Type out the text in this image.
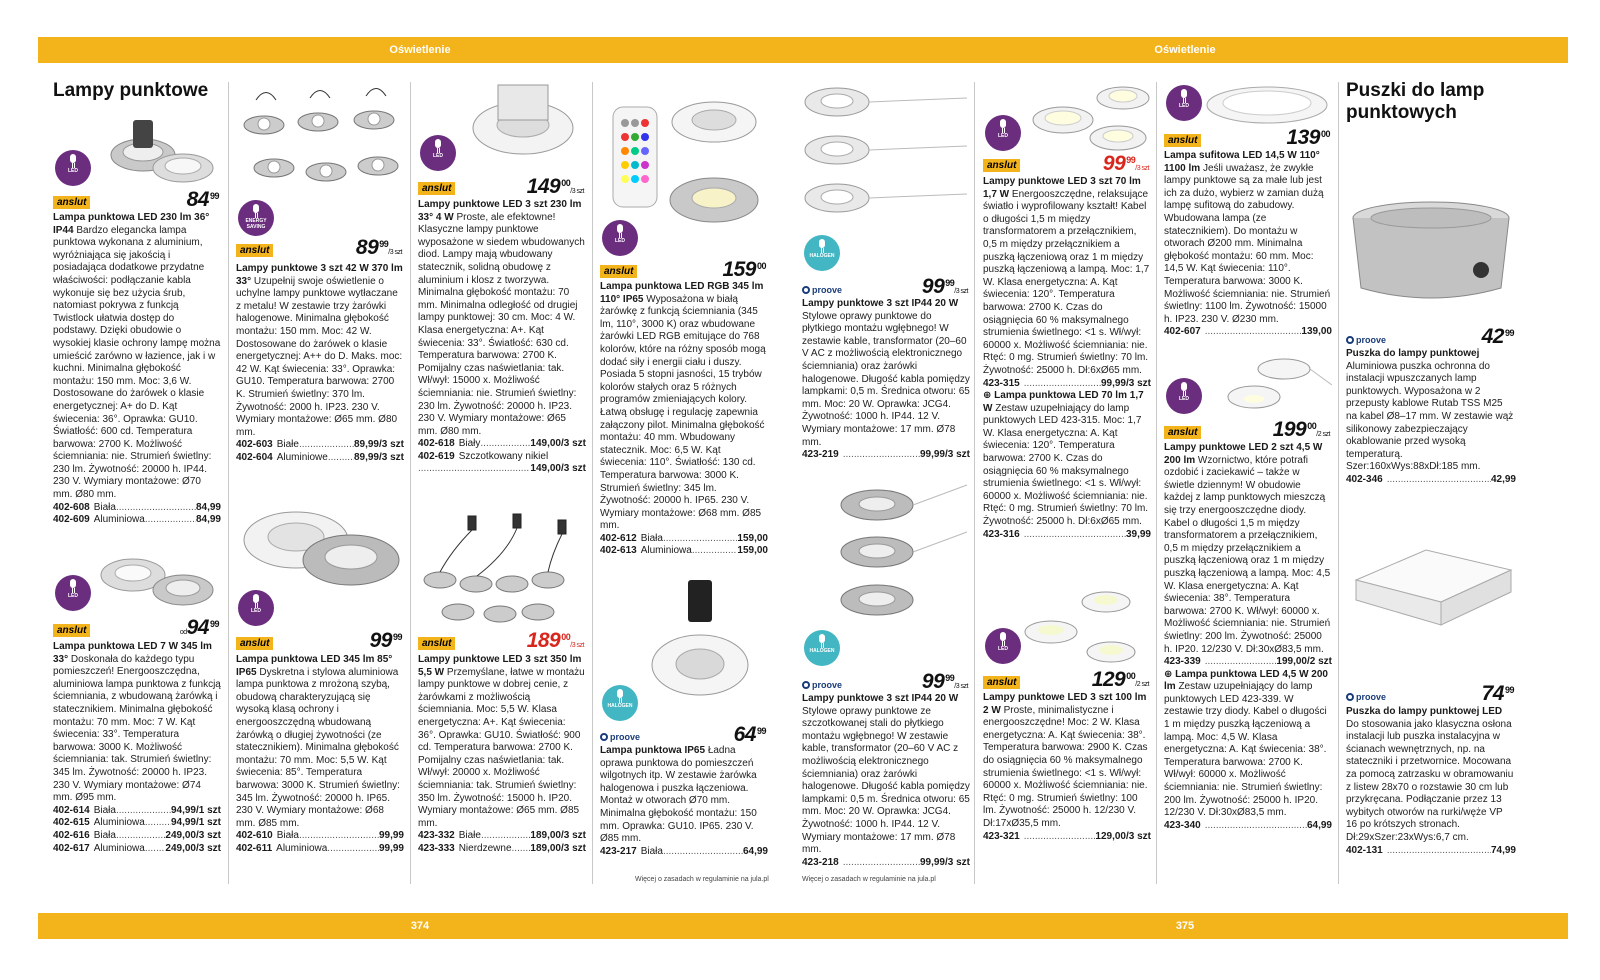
Oświetlenie	Oświetlenie
374	375
Lampy punktowe
LED
anslut	$84^{99}$
Lampa punktowa LED 230 lm 36° IP44 Bardzo elegancka lampa punktowa wykonana z aluminium, wyróżniająca się jakością i posiadająca dodatkowe przydatne właściwości: podłączanie kabla wykonuje się bez użycia śrub, natomiast pokrywa z funkcją Twistlock ułatwia dostęp do podstawy. Dzięki obudowie o wysokiej klasie ochrony lampę można umieścić zarówno w łazience, jak i w kuchni. Minimalna głębokość montażu: 150 mm. Moc: 3,6 W. Dostosowane do żarówek o klasie energetycznej: A+ do D. Kąt świecenia: 36°. Oprawka: GU10. Światłość: 600 cd. Temperatura barwowa: 2700 K. Możliwość ściemniania: nie. Strumień świetlny: 230 lm. Żywotność: 20000 h. IP44. 230 V. Wymiary montażowe: Ø70 mm. Ø80 mm.
402-608 Biała .....	84,99
402-609 Aluminiowa .....	84,99
LED
anslut	$od94^{99}$
Lampa punktowa LED 7 W 345 lm 33° Doskonała do każdego typu pomieszczeń! Energooszczędna, aluminiowa lampa punktowa z funkcją ściemniania, z wbudowaną żarówką i statecznikiem. Minimalna głębokość montażu: 70 mm. Moc: 7 W. Kąt świecenia: 33°. Temperatura barwowa: 3000 K. Możliwość ściemniania: tak. Strumień świetlny: 345 lm. Żywotność: 20000 h. IP23. 230 V. Wymiary montażowe: Ø74 mm. Ø95 mm.
402-614 Biała .....	94,99/1 szt
402-615 Aluminiowa .....	94,99/1 szt
402-616 Biała .....	249,00/3 szt
402-617 Aluminiowa ..... 249,00/3 szt
ENERGY SAVING
anslut	$89^{99}/3$ szt
Lampy punktowe 3 szt 42 W 370 lm 33° Uzupełnij swoje oświetlenie o uchylne lampy punktowe wytłaczane z metalu! W zestawie trzy żarówki halogenowe. Minimalna głębokość montażu: 150 mm. Moc: 42 W. Dostosowane do żarówek o klasie energetycznej: A++ do D. Maks. moc: 42 W. Kąt świecenia: 33°. Oprawka: GU10. Temperatura barwowa: 2700 K. Strumień świetlny: 370 lm. Żywotność: 2000 h. IP23. 230 V. Wymiary montażowe: Ø65 mm. Ø80 mm.
402-603 Białe .....	89,99/3 szt
402-604 Aluminiowe .....	89,99/3 szt
LED
anslut	$99^{99}$
Lampa punktowa LED 345 lm 85° IP65 Dyskretna i stylowa aluminiowa lampa punktowa z mrożoną szybą, obudową charakteryzującą się wysoką klasą ochrony i energooszczędną wbudowaną żarówką o długiej żywotności (ze statecznikiem). Minimalna głębokość montażu: 70 mm. Moc: 5,5 W. Kąt świecenia: 85°. Temperatura barwowa: 3000 K. Strumień świetlny: 345 lm. Żywotność: 20000 h. IP65. 230 V. Wymiary montażowe: Ø68 mm. Ø85 mm.
402-610 Biała .....	99,99
402-611 Aluminiowa .....	99,99
LED
anslut	$149^{00}/3$ szt
Lampy punktowe LED 3 szt 230 lm 33° 4 W Proste, ale efektowne! Klasyczne lampy punktowe wyposażone w siedem wbudowanych diod. Lampy mają wbudowany statecznik, solidną obudowę z aluminium i klosz z tworzywa. Minimalna głębokość montażu: 70 mm. Minimalna odległość od drugiej lampy punktowej: 30 cm. Moc: 4 W. Klasa energetyczna: A+. Kąt świecenia: 33°. Światłość: 630 cd. Temperatura barwowa: 2700 K. Pomijalny czas naświetlania: tak. Wł/wył: 15000 x. Możliwość ściemniania: nie. Strumień świetlny: 230 lm. Żywotność: 20000 h. IP23. 230 V. Wymiary montażowe: Ø65 mm. Ø80 mm.
402-618 Biały .....	149,00/3 szt
402-619 Szczotkowany nikiel
.....
149,00/3 szt
anslut	$189^{00}/3$ szt
Lampy punktowe LED 3 szt 350 lm 5,5 W Przemyślane, łatwe w montażu lampy punktowe w dobrej cenie, z żarówkami z możliwością ściemniania. Moc: 5,5 W. Klasa energetyczna: A+. Kąt świecenia: 36°. Oprawka: GU10. Światłość: 900 cd. Temperatura barwowa: 2700 K. Pomijalny czas naświetlania: tak. Wł/wył: 20000 x. Możliwość ściemniania: tak. Strumień świetlny: 350 lm. Żywotność: 15000 h. IP20. Wymiary montażowe: Ø65 mm. Ø85 mm.
423-332 Białe .....	189,00/3 szt
423-333 Nierdzewne ..... 189,00/3 szt
LED
anslut	$159^{00}$
Lampa punktowa LED RGB 345 lm 110° IP65 Wyposażona w białą żarówkę z funkcją ściemniania (345 lm, 110°, 3000 K) oraz wbudowane żarówki LED RGB emitujące do 768 kolorów, które na różny sposób mogą dodać siły i energii ciału i duszy. Posiada 5 stopni jasności, 15 trybów kolorów stałych oraz 5 różnych programów zmieniających kolory. Łatwą obsługę i regulację zapewnia załączony pilot. Minimalna głębokość montażu: 40 mm. Wbudowany statecznik. Moc: 6,5 W. Kąt świecenia: 110°. Światłość: 130 cd. Temperatura barwowa: 3000 K. Strumień świetlny: 345 lm. Żywotność: 20000 h. IP65. 230 V. Wymiary montażowe: Ø68 mm. Ø85 mm.
402-612 Biała .....	159,00
402-613 Aluminiowa .....	159,00
HALOGEN
proove	$64^{99}$
Lampa punktowa IP65 Ładna oprawa punktowa do pomieszczeń wilgotnych itp. W zestawie żarówka halogenowa i puszka łączeniowa. Montaż w otworach Ø70 mm. Minimalna głębokość montażu: 150 mm. Oprawka: GU10. IP65. 230 V. Ø85 mm.
423-217 Biała .....	64,99
Więcej o zasadach w regulaminie na jula.pl
HALOGEN
proove	$99^{99}/3$ szt
Lampy punktowe 3 szt IP44 20 W Stylowe oprawy punktowe do płytkiego montażu wgłębnego! W zestawie kable, transformator (20–60 V AC z możliwością elektronicznego ściemniania) oraz żarówki halogenowe. Długość kabla pomiędzy lampkami: 0,5 m. Średnica otworu: 65 mm. Moc: 20 W. Oprawka: JCG4. Żywotność: 1000 h. IP44. 12 V. Wymiary montażowe: 17 mm. Ø78 mm.
423-219 .....	99,99/3 szt
HALOGEN
proove	$99^{99}/3$ szt
Lampy punktowe 3 szt IP44 20 W Stylowe oprawy punktowe ze szczotkowanej stali do płytkiego montażu wgłębnego! W zestawie kable, transformator (20–60 V AC z możliwością elektronicznego ściemniania) oraz żarówki halogenowe. Długość kabla pomiędzy lampkami: 0,5 m. Średnica otworu: 65 mm. Moc: 20 W. Oprawka: JCG4. Żywotność: 1000 h. IP44. 12 V. Wymiary montażowe: 17 mm. Ø78 mm.
423-218 .....	99,99/3 szt
Więcej o zasadach w regulaminie na jula.pl
LED
anslut	$99^{99}/3$ szt
Lampy punktowe LED 3 szt 70 lm 1,7 W Energooszczędne, relaksujące światło i wyprofilowany kształt! Kabel o długości 1,5 m między transformatorem a przełącznikiem, 0,5 m między przełącznikiem a puszką łączeniową oraz 1 m między puszką łączeniową a lampą. Moc: 1,7 W. Klasa energetyczna: A. Kąt świecenia: 120°. Temperatura barwowa: 2700 K. Czas do osiągnięcia 60 % maksymalnego strumienia świetlnego: <1 s. Wł/wył: 60000 x. Możliwość ściemniania: nie. Rtęć: 0 mg. Strumień świetlny: 70 lm. Żywotność: 25000 h. Dł:6xØ65 mm.
423-315 .....	99,99/3 szt
⊕ Lampa punktowa LED 70 lm 1,7 W Zestaw uzupełniający do lamp punktowych LED 423-315. Moc: 1,7 W. Klasa energetyczna: A. Kąt świecenia: 120°. Temperatura barwowa: 2700 K. Czas do osiągnięcia 60 % maksymalnego strumienia świetlnego: <1 s. Wł/wył: 60000 x. Możliwość ściemniania: nie. Rtęć: 0 mg. Strumień świetlny: 70 lm. Żywotność: 25000 h. Dł:6xØ65 mm.
423-316 .....	39,99
LED
anslut	$129^{00}/2$ szt
Lampy punktowe LED 3 szt 100 lm 2 W Proste, minimalistyczne i energooszczędne! Moc: 2 W. Klasa energetyczna: A. Kąt świecenia: 38°. Temperatura barwowa: 2900 K. Czas do osiągnięcia 60 % maksymalnego strumienia świetlnego: <1 s. Wł/wył: 60000 x. Możliwość ściemniania: nie. Rtęć: 0 mg. Strumień świetlny: 100 lm. Żywotność: 25000 h. 12/230 V. Dł:17xØ35,5 mm.
423-321 .....	129,00/3 szt
LED
anslut	$139^{00}$
Lampa sufitowa LED 14,5 W 110° 1100 lm Jeśli uważasz, że zwykłe lampy punktowe są za małe lub jest ich za dużo, wybierz w zamian dużą lampę sufitową do zabudowy. Wbudowana lampa (ze statecznikiem). Do montażu w otworach Ø200 mm. Minimalna głębokość montażu: 60 mm. Moc: 14,5 W. Kąt świecenia: 110°. Temperatura barwowa: 3000 K. Możliwość ściemniania: nie. Strumień świetlny: 1100 lm. Żywotność: 15000 h. IP23. 230 V. Ø230 mm.
402-607 .....	139,00
LED
anslut	$199^{00}/2$ szt
Lampy punktowe LED 2 szt 4,5 W 200 lm Wzornictwo, które potrafi ozdobić i zaciekawić – także w świetle dziennym! W obudowie każdej z lamp punktowych mieszczą się trzy energooszczędne diody. Kabel o długości 1,5 m między transformatorem a przełącznikiem, 0,5 m między przełącznikiem a puszką łączeniową oraz 1 m między puszką łączeniową a lampą. Moc: 4,5 W. Klasa energetyczna: A. Kąt świecenia: 38°. Temperatura barwowa: 2700 K. Wł/wył: 60000 x. Możliwość ściemniania: nie. Strumień świetlny: 200 lm. Żywotność: 25000 h. IP20. 12/230 V. Dł:30xØ83,5 mm.
423-339 .....	199,00/2 szt
⊕ Lampa punktowa LED 4,5 W 200 lm Zestaw uzupełniający do lamp punktowych LED 423-339. W zestawie trzy diody. Kabel o długości 1 m między puszką łączeniową a lampą. Moc: 4,5 W. Klasa energetyczna: A. Kąt świecenia: 38°. Temperatura barwowa: 2700 K. Wł/wył: 60000 x. Możliwość ściemniania: nie. Strumień świetlny: 200 lm. Żywotność: 25000 h. IP20. 12/230 V. Dł:30xØ83,5 mm.
423-340 .....	64,99
Puszki do lamp punktowych
proove	$42^{99}$
Puszka do lampy punktowej
Aluminiowa puszka ochronna do instalacji wpuszczanych lamp punktowych. Wyposażona w 2 przepusty kablowe Rutab TSS M25 na kabel Ø8–17 mm. W zestawie wąż silikonowy zabezpieczający okablowanie przed wysoką temperaturą. Szer:160xWys:88xDł:185 mm.
402-346 .....	42,99
proove	$74^{99}$
Puszka do lampy punktowej LED
Do stosowania jako klasyczna osłona instalacji lub puszka instalacyjna w ścianach wewnętrznych, np. na stateczniki i przetwornice. Mocowana za pomocą zatrzasku w obramowaniu z listew 28x70 o rozstawie 30 cm lub przykręcana. Podłączanie przez 13 wybitych otworów na rurki/węże VP 16 po krótszych stronach. Dł:29xSzer:23xWys:6,7 cm.
402-131 .....	74,99
